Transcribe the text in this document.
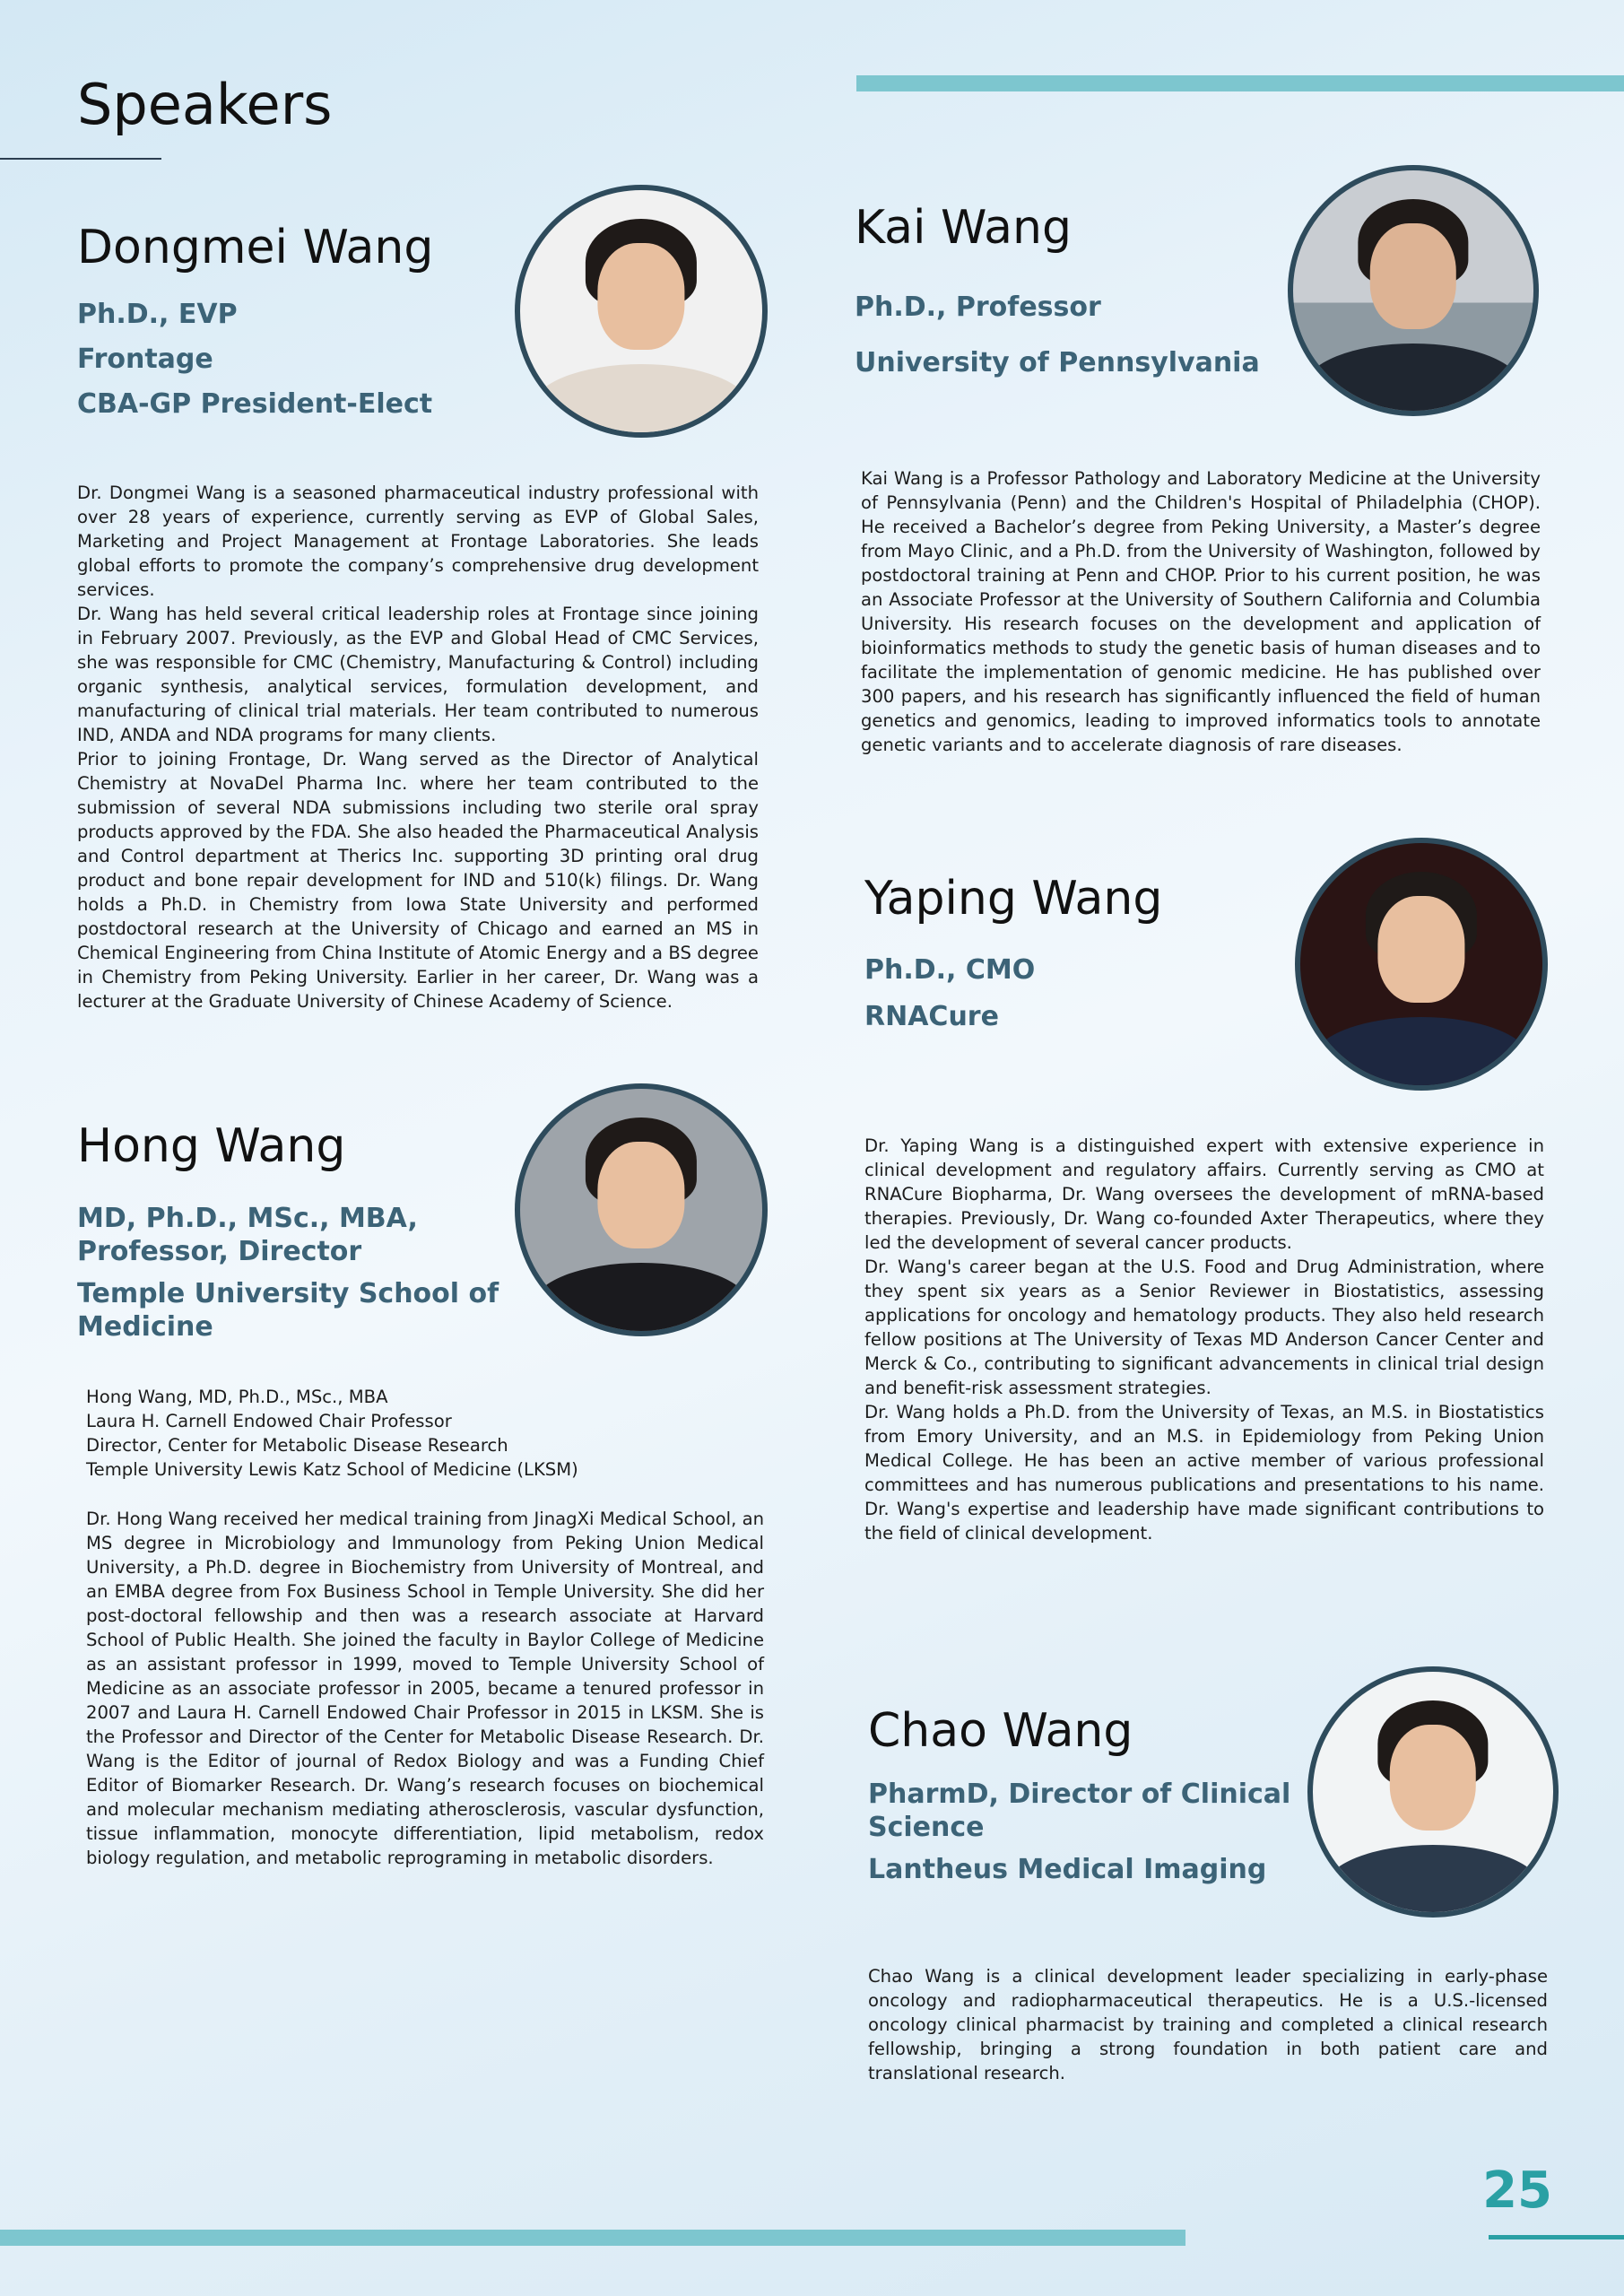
Speakers
Dongmei Wang
Ph.D., EVP
Frontage
CBA-GP President-Elect

Dr. Dongmei Wang is a seasoned pharmaceutical industry professional with over 28 years of experience, currently serving as EVP of Global Sales, Marketing and Project Management at Frontage Laboratories. She leads global efforts to promote the company’s comprehensive drug development services.

Dr. Wang has held several critical leadership roles at Frontage since joining in February 2007. Previously, as the EVP and Global Head of CMC Services, she was responsible for CMC (Chemistry, Manufacturing & Control) including organic synthesis, analytical services, formulation development, and manufacturing of clinical trial materials. Her team contributed to numerous IND, ANDA and NDA programs for many clients.

Prior to joining Frontage, Dr. Wang served as the Director of Analytical Chemistry at NovaDel Pharma Inc. where her team contributed to the submission of several NDA submissions including two sterile oral spray products approved by the FDA. She also headed the Pharmaceutical Analysis and Control department at Therics Inc. supporting 3D printing oral drug product and bone repair development for IND and 510(k) filings. Dr. Wang holds a Ph.D. in Chemistry from Iowa State University and performed postdoctoral research at the University of Chicago and earned an MS in Chemical Engineering from China Institute of Atomic Energy and a BS degree in Chemistry from Peking University. Earlier in her career, Dr. Wang was a lecturer at the Graduate University of Chinese Academy of Science.

Kai Wang
Ph.D., Professor
University of Pennsylvania

Kai Wang is a Professor Pathology and Laboratory Medicine at the University of Pennsylvania (Penn) and the Children's Hospital of Philadelphia (CHOP). He received a Bachelor’s degree from Peking University, a Master’s degree from Mayo Clinic, and a Ph.D. from the University of Washington, followed by postdoctoral training at Penn and CHOP. Prior to his current position, he was an Associate Professor at the University of Southern California and Columbia University. His research focuses on the development and application of bioinformatics methods to study the genetic basis of human diseases and to facilitate the implementation of genomic medicine. He has published over 300 papers, and his research has significantly influenced the field of human genetics and genomics, leading to improved informatics tools to annotate genetic variants and to accelerate diagnosis of rare diseases.

Yaping Wang
Ph.D., CMO
RNACure

Dr. Yaping Wang is a distinguished expert with extensive experience in clinical development and regulatory affairs. Currently serving as CMO at RNACure Biopharma, Dr. Wang oversees the development of mRNA-based therapies. Previously, Dr. Wang co-founded Axter Therapeutics, where they led the development of several cancer products.

Dr. Wang's career began at the U.S. Food and Drug Administration, where they spent six years as a Senior Reviewer in Biostatistics, assessing applications for oncology and hematology products. They also held research fellow positions at The University of Texas MD Anderson Cancer Center and Merck & Co., contributing to significant advancements in clinical trial design and benefit-risk assessment strategies.

Dr. Wang holds a Ph.D. from the University of Texas, an M.S. in Biostatistics from Emory University, and an M.S. in Epidemiology from Peking Union Medical College. He has been an active member of various professional committees and has numerous publications and presentations to his name. Dr. Wang's expertise and leadership have made significant contributions to the field of clinical development.

Hong Wang
MD, Ph.D., MSc., MBA,
Professor, Director
Temple University School of
Medicine
Hong Wang, MD, Ph.D., MSc., MBA
Laura H. Carnell Endowed Chair Professor
Director, Center for Metabolic Disease Research
Temple University Lewis Katz School of Medicine (LKSM)

Dr. Hong Wang received her medical training from JinagXi Medical School, an MS degree in Microbiology and Immunology from Peking Union Medical University, a Ph.D. degree in Biochemistry from University of Montreal, and an EMBA degree from Fox Business School in Temple University. She did her post-doctoral fellowship and then was a research associate at Harvard School of Public Health. She joined the faculty in Baylor College of Medicine as an assistant professor in 1999, moved to Temple University School of Medicine as an associate professor in 2005, became a tenured professor in 2007 and Laura H. Carnell Endowed Chair Professor in 2015 in LKSM. She is the Professor and Director of the Center for Metabolic Disease Research. Dr. Wang is the Editor of journal of Redox Biology and was a Funding Chief Editor of Biomarker Research. Dr. Wang’s research focuses on biochemical and molecular mechanism mediating atherosclerosis, vascular dysfunction, tissue inflammation, monocyte differentiation, lipid metabolism, redox biology regulation, and metabolic reprograming in metabolic disorders.

Chao Wang
PharmD, Director of Clinical
Science
Lantheus Medical Imaging

Chao Wang is a clinical development leader specializing in early-phase oncology and radiopharmaceutical therapeutics. He is a U.S.-licensed oncology clinical pharmacist by training and completed a clinical research fellowship, bringing a strong foundation in both patient care and translational research.

25
